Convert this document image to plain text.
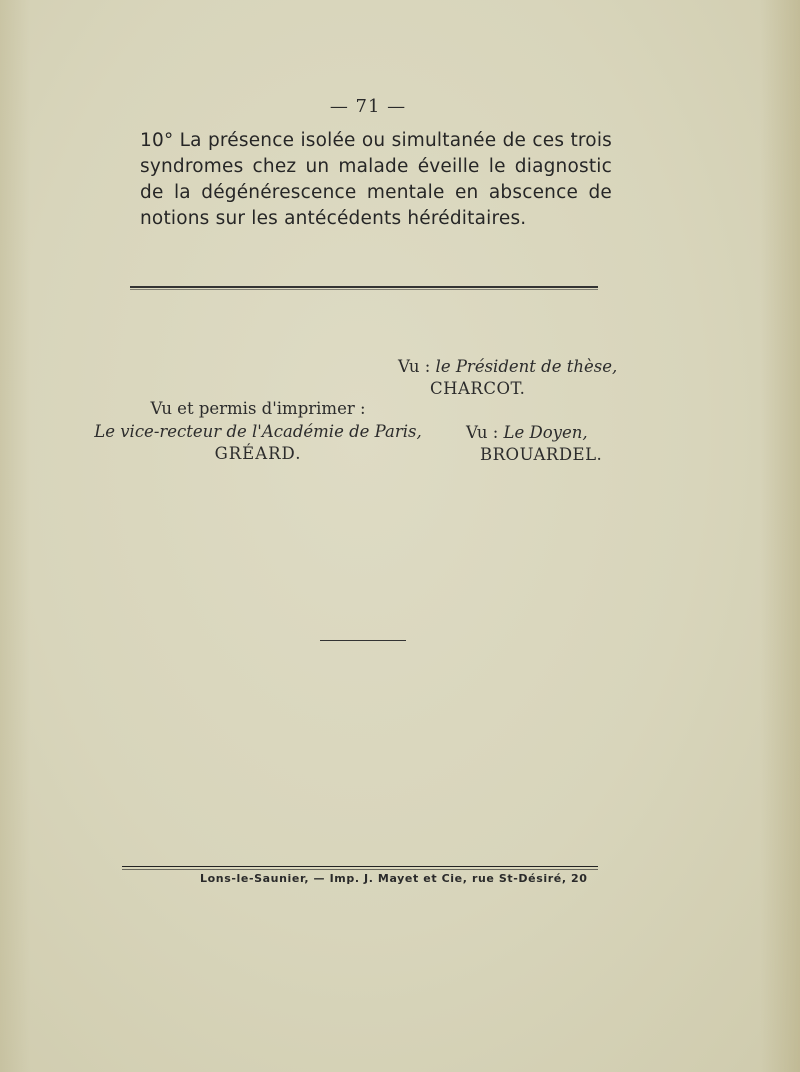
— 71 —
10° La présence isolée ou simultanée de ces trois syndromes chez un malade éveille le diagnostic de la dégénérescence mentale en abscence de notions sur les antécédents héréditaires.
Vu : le Président de thèse,
CHARCOT.
Vu et permis d'imprimer :
Le vice-recteur de l'Académie de Paris,
GRÉARD.
Vu : Le Doyen,
BROUARDEL.
Lons-le-Saunier, — Imp. J. Mayet et Cie, rue St-Désiré, 20
